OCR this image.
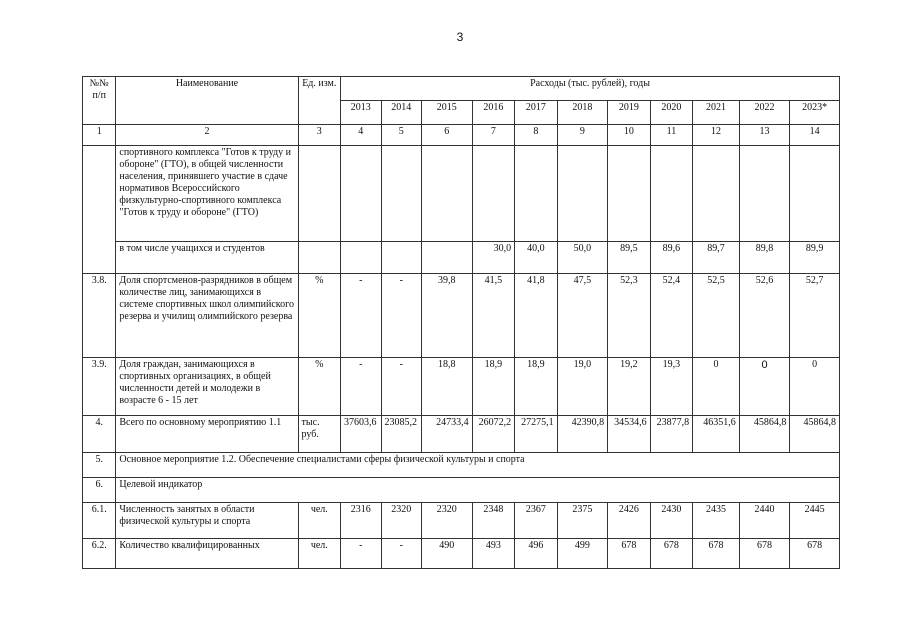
3
№№ п/п	Наименование	Ед. изм.	Расходы (тыс. рублей), годы										
			2013	2014	2015	2016	2017	2018	2019	2020	2021	2022	2023*
1	2	3	4	5	6	7	8	9	10	11	12	13	14
	спортивного комплекса "Готов к труду и обороне" (ГТО), в общей численности населения, принявшего участие в сдаче нормативов Всероссийского физкультурно-спортивного комплекса "Готов к труду и обороне" (ГТО)												
	в том числе учащихся и студентов					30,0	40,0	50,0	89,5	89,6	89,7	89,8	89,9
3.8.	Доля спортсменов-разрядников в общем количестве лиц, занимающихся в системе спортивных школ олимпийского резерва и училищ олимпийского резерва	%	-	-	39,8	41,5	41,8	47,5	52,3	52,4	52,5	52,6	52,7
3.9.	Доля граждан, занимающихся в спортивных организациях, в общей численности детей и молодежи в возрасте 6 - 15 лет	%	-	-	18,8	18,9	18,9	19,0	19,2	19,3	0	0	0
4.	Всего по основному мероприятию 1.1	тыс. руб.	37603,6	23085,2	24733,4	26072,2	27275,1	42390,8	34534,6	23877,8	46351,6	45864,8	45864,8
5.	Основное мероприятие 1.2. Обеспечение специалистами сферы физической культуры и спорта												
6.	Целевой индикатор												
6.1.	Численность занятых в области физической культуры и спорта	чел.	2316	2320	2320	2348	2367	2375	2426	2430	2435	2440	2445
6.2.	Количество квалифицированных	чел.	-	-	490	493	496	499	678	678	678	678	678
